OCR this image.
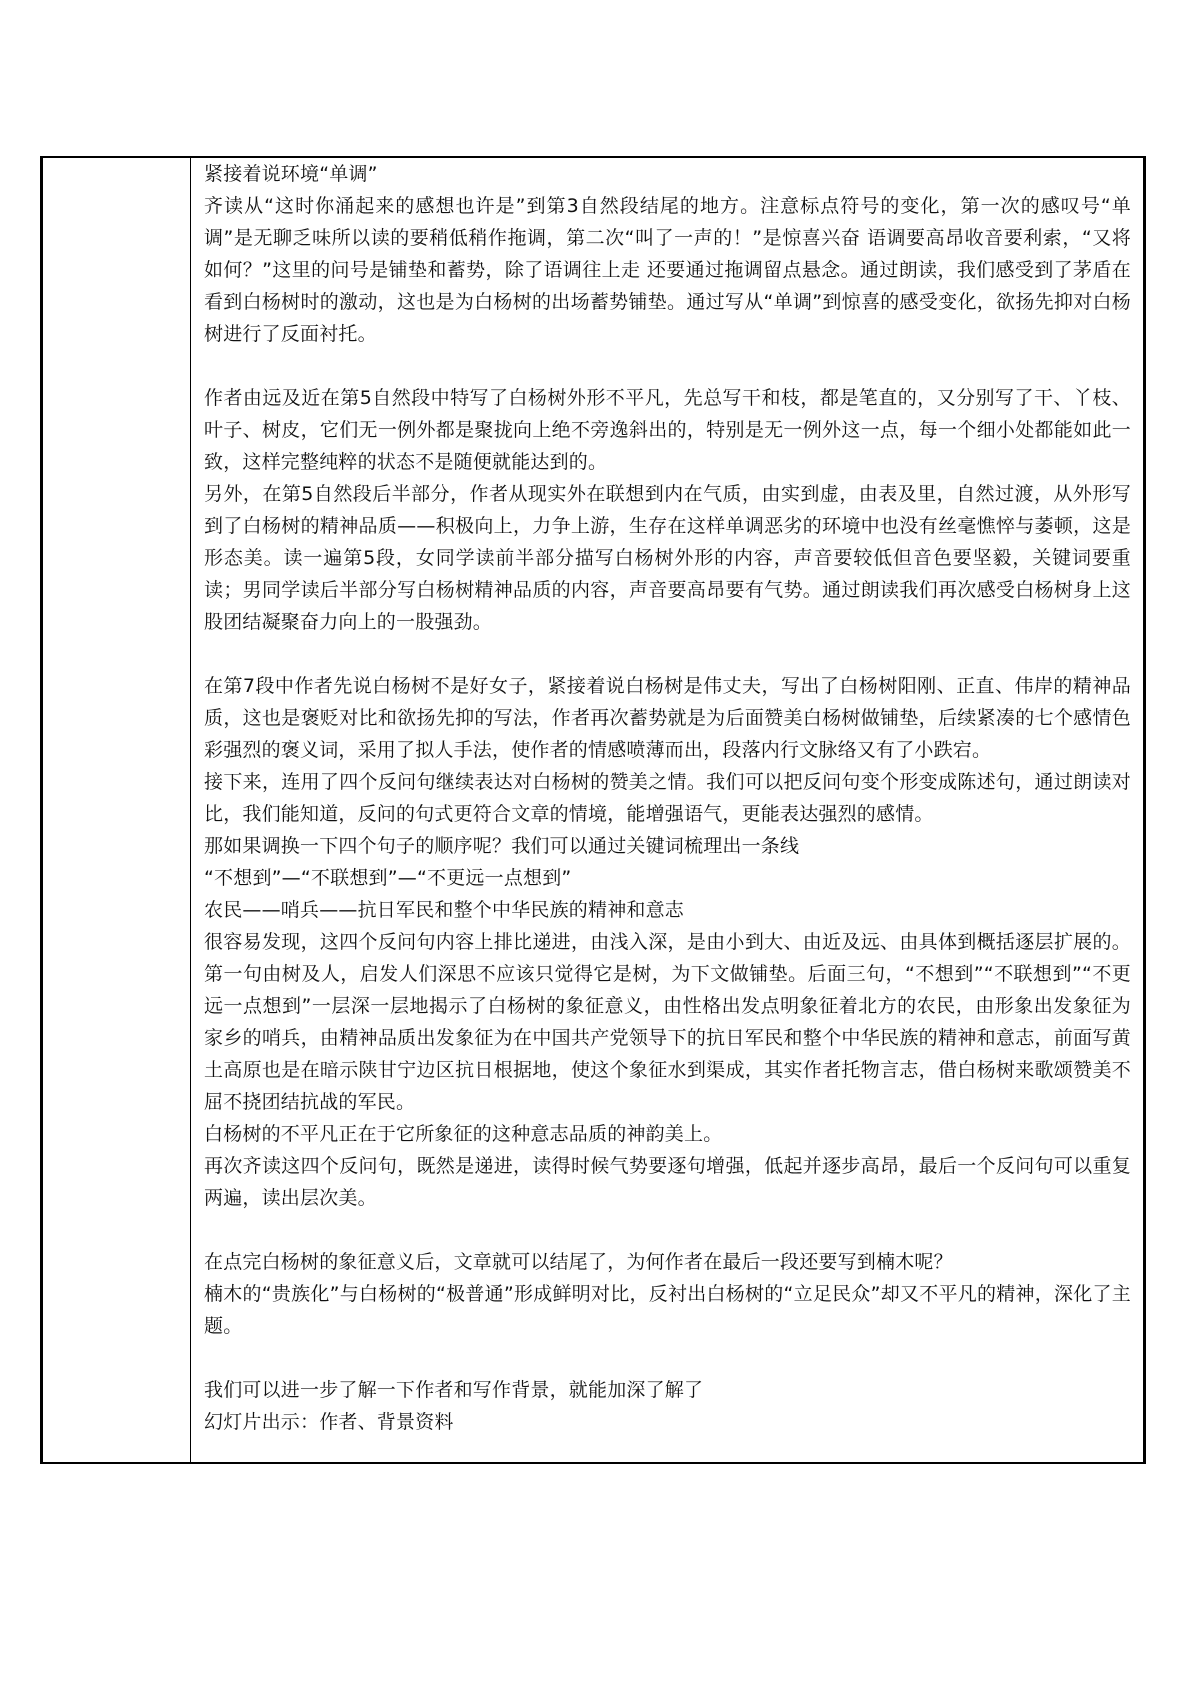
紧接着说环境“单调”

齐读从“这时你涌起来的感想也许是”到第3自然段结尾的地方。注意标点符号的变化，第一次的感叹号“单调”是无聊乏味所以读的要稍低稍作拖调，第二次“叫了一声的！”是惊喜兴奋 语调要高昂收音要利索，“又将如何？”这里的问号是铺垫和蓄势，除了语调往上走 还要通过拖调留点悬念。通过朗读，我们感受到了茅盾在看到白杨树时的激动，这也是为白杨树的出场蓄势铺垫。通过写从“单调”到惊喜的感受变化，欲扬先抑对白杨树进行了反面衬托。

作者由远及近在第5自然段中特写了白杨树外形不平凡，先总写干和枝，都是笔直的，又分别写了干、丫枝、叶子、树皮，它们无一例外都是聚拢向上绝不旁逸斜出的，特别是无一例外这一点，每一个细小处都能如此一致，这样完整纯粹的状态不是随便就能达到的。

另外，在第5自然段后半部分，作者从现实外在联想到内在气质，由实到虚，由表及里，自然过渡，从外形写到了白杨树的精神品质——积极向上，力争上游，生存在这样单调恶劣的环境中也没有丝毫憔悴与萎顿，这是形态美。读一遍第5段，女同学读前半部分描写白杨树外形的内容，声音要较低但音色要坚毅，关键词要重读；男同学读后半部分写白杨树精神品质的内容，声音要高昂要有气势。通过朗读我们再次感受白杨树身上这股团结凝聚奋力向上的一股强劲。

在第7段中作者先说白杨树不是好女子，紧接着说白杨树是伟丈夫，写出了白杨树阳刚、正直、伟岸的精神品质，这也是褒贬对比和欲扬先抑的写法，作者再次蓄势就是为后面赞美白杨树做铺垫，后续紧凑的七个感情色彩强烈的褒义词，采用了拟人手法，使作者的情感喷薄而出，段落内行文脉络又有了小跌宕。

接下来，连用了四个反问句继续表达对白杨树的赞美之情。我们可以把反问句变个形变成陈述句，通过朗读对比，我们能知道，反问的句式更符合文章的情境，能增强语气，更能表达强烈的感情。

那如果调换一下四个句子的顺序呢？我们可以通过关键词梳理出一条线

“不想到”—“不联想到”—“不更远一点想到”

农民——哨兵——抗日军民和整个中华民族的精神和意志

很容易发现，这四个反问句内容上排比递进，由浅入深，是由小到大、由近及远、由具体到概括逐层扩展的。第一句由树及人，启发人们深思不应该只觉得它是树，为下文做铺垫。后面三句，“不想到”“不联想到”“不更远一点想到”一层深一层地揭示了白杨树的象征意义，由性格出发点明象征着北方的农民，由形象出发象征为家乡的哨兵，由精神品质出发象征为在中国共产党领导下的抗日军民和整个中华民族的精神和意志，前面写黄土高原也是在暗示陕甘宁边区抗日根据地，使这个象征水到渠成，其实作者托物言志，借白杨树来歌颂赞美不屈不挠团结抗战的军民。

白杨树的不平凡正在于它所象征的这种意志品质的神韵美上。

再次齐读这四个反问句，既然是递进，读得时候气势要逐句增强，低起并逐步高昂，最后一个反问句可以重复两遍，读出层次美。

在点完白杨树的象征意义后，文章就可以结尾了，为何作者在最后一段还要写到楠木呢？

楠木的“贵族化”与白杨树的“极普通”形成鲜明对比，反衬出白杨树的“立足民众”却又不平凡的精神，深化了主题。

我们可以进一步了解一下作者和写作背景，就能加深了解了

幻灯片出示：作者、背景资料
